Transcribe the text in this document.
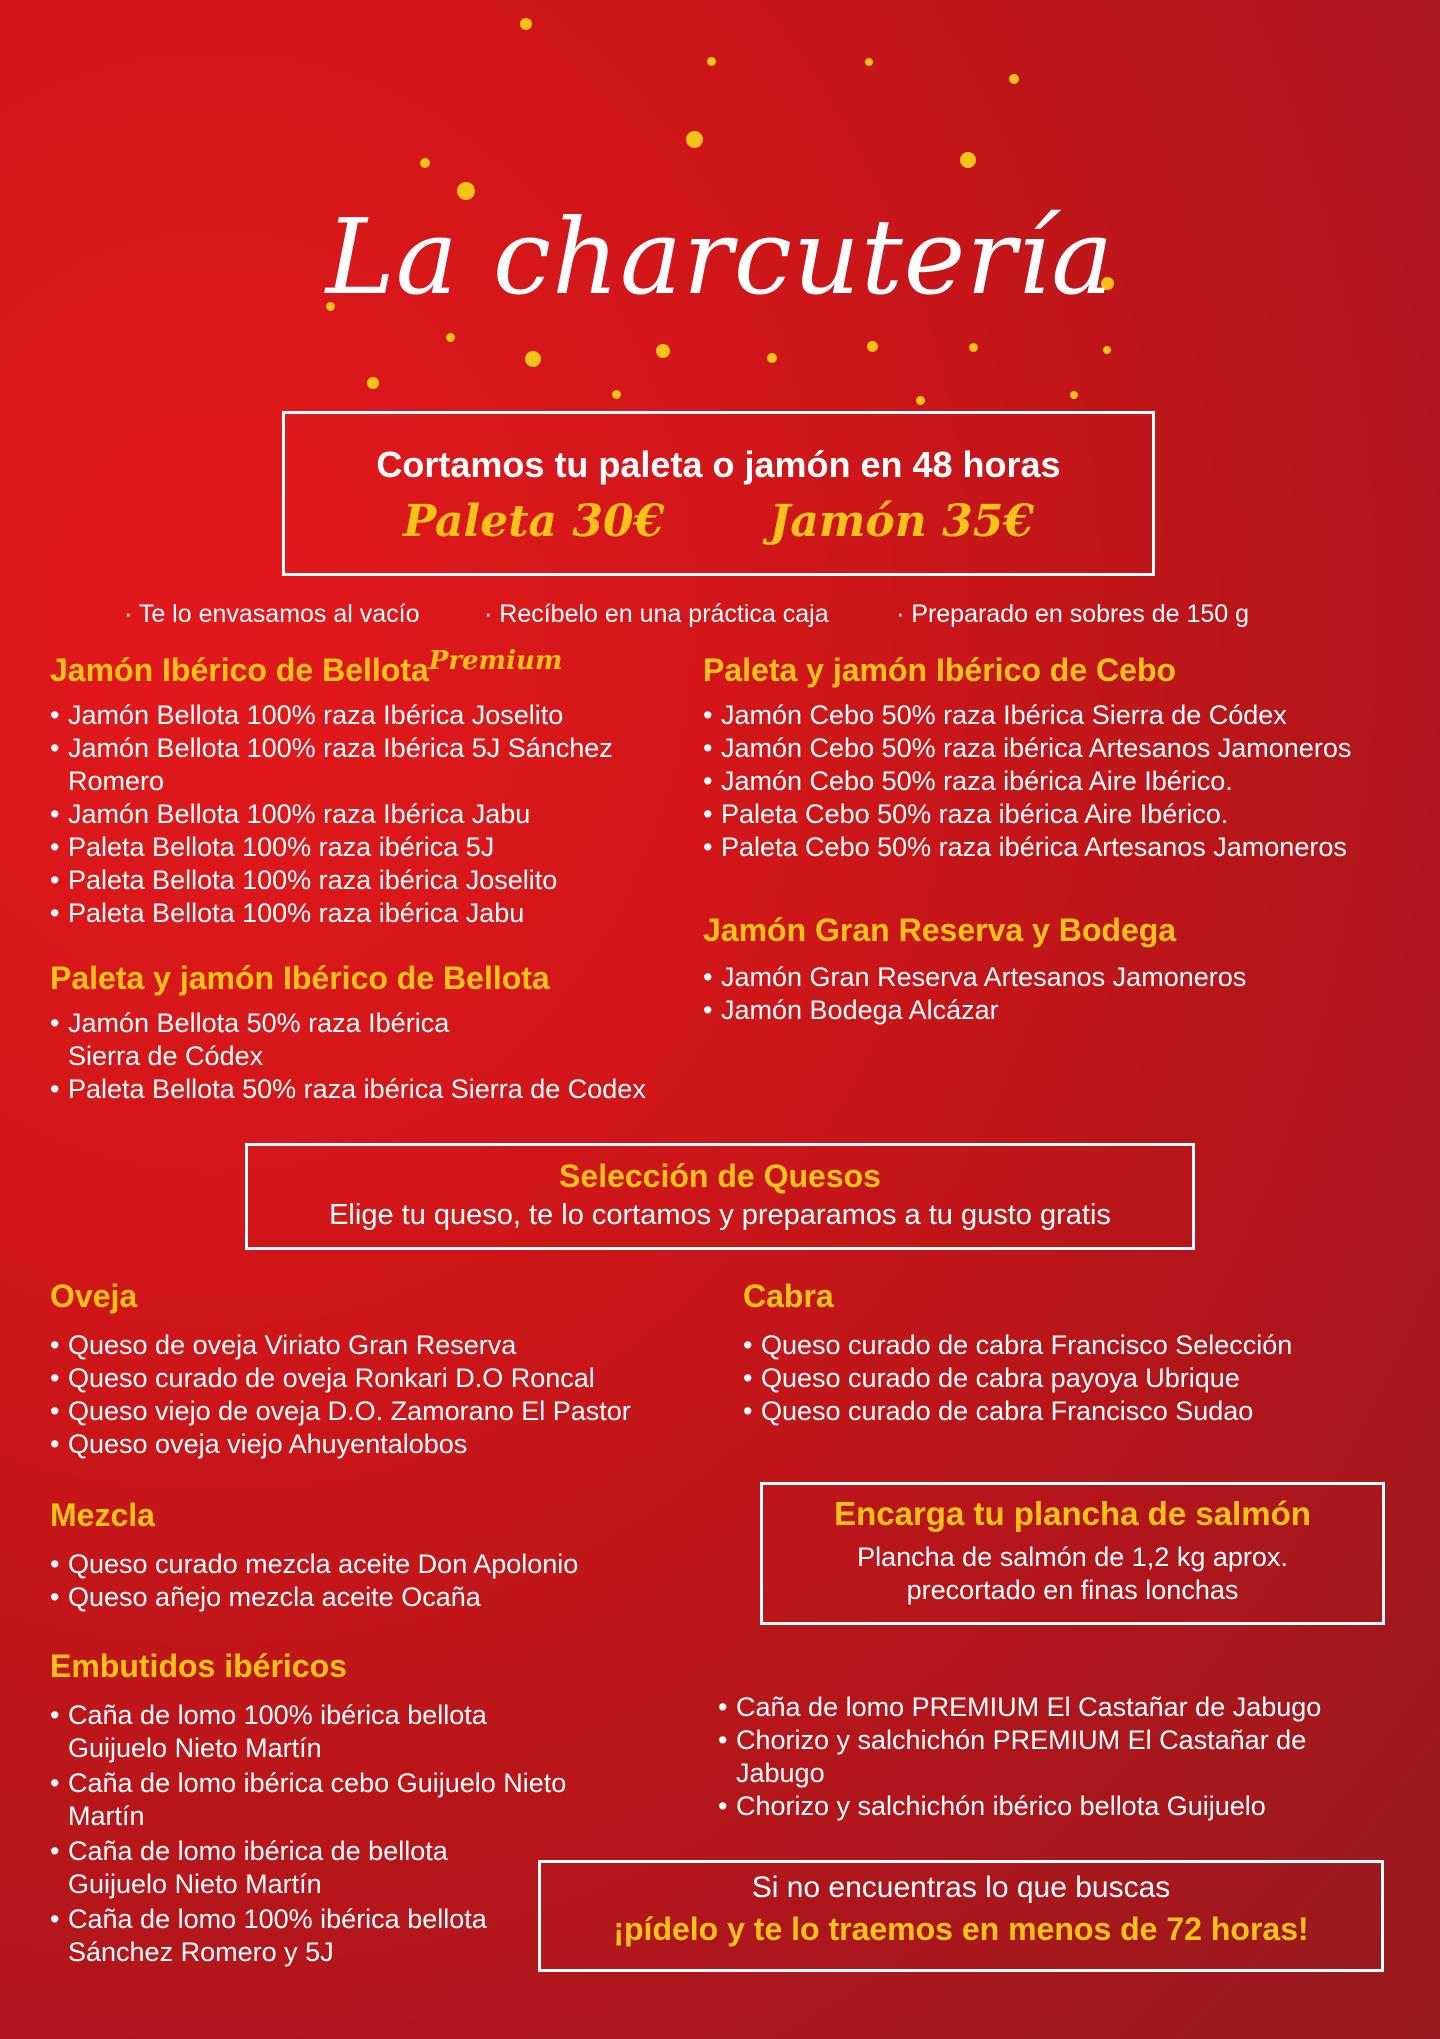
La charcutería
Cortamos tu paleta o jamón en 48 horas
Paleta 30€ Jamón 35€
· Te lo envasamos al vacío	· Recíbelo en una práctica caja	· Preparado en sobres de 150 g
Jamón Ibérico de Bellota$^{Premium}$
• Jamón Bellota 100% raza Ibérica Joselito
• Jamón Bellota 100% raza Ibérica 5J Sánchez Romero
• Jamón Bellota 100% raza Ibérica Jabu
• Paleta Bellota 100% raza ibérica 5J
• Paleta Bellota 100% raza ibérica Joselito
• Paleta Bellota 100% raza ibérica Jabu
Paleta y jamón Ibérico de Bellota
• Jamón Bellota 50% raza Ibérica Sierra de Códex
• Paleta Bellota 50% raza ibérica Sierra de Codex
Paleta y jamón Ibérico de Cebo
• Jamón Cebo 50% raza Ibérica Sierra de Códex
• Jamón Cebo 50% raza ibérica Artesanos Jamoneros
• Jamón Cebo 50% raza ibérica Aire Ibérico.
• Paleta Cebo 50% raza ibérica Aire Ibérico.
• Paleta Cebo 50% raza ibérica Artesanos Jamoneros
Jamón Gran Reserva y Bodega
• Jamón Gran Reserva Artesanos Jamoneros
• Jamón Bodega Alcázar
Selección de Quesos
Elige tu queso, te lo cortamos y preparamos a tu gusto gratis
Oveja
• Queso de oveja Viriato Gran Reserva
• Queso curado de oveja Ronkari D.O Roncal
• Queso viejo de oveja D.O. Zamorano El Pastor
• Queso oveja viejo Ahuyentalobos
Cabra
• Queso curado de cabra Francisco Selección
• Queso curado de cabra payoya Ubrique
• Queso curado de cabra Francisco Sudao
Mezcla
• Queso curado mezcla aceite Don Apolonio
• Queso añejo mezcla aceite Ocaña
Encarga tu plancha de salmón
Plancha de salmón de 1,2 kg aprox.
precortado en finas lonchas
Embutidos ibéricos
• Caña de lomo 100% ibérica bellota Guijuelo Nieto Martín
• Caña de lomo ibérica cebo Guijuelo Nieto Martín
• Caña de lomo ibérica de bellota Guijuelo Nieto Martín
• Caña de lomo 100% ibérica bellota Sánchez Romero y 5J
• Caña de lomo PREMIUM El Castañar de Jabugo
• Chorizo y salchichón PREMIUM El Castañar de Jabugo
• Chorizo y salchichón ibérico bellota Guijuelo
Si no encuentras lo que buscas
¡pídelo y te lo traemos en menos de 72 horas!
